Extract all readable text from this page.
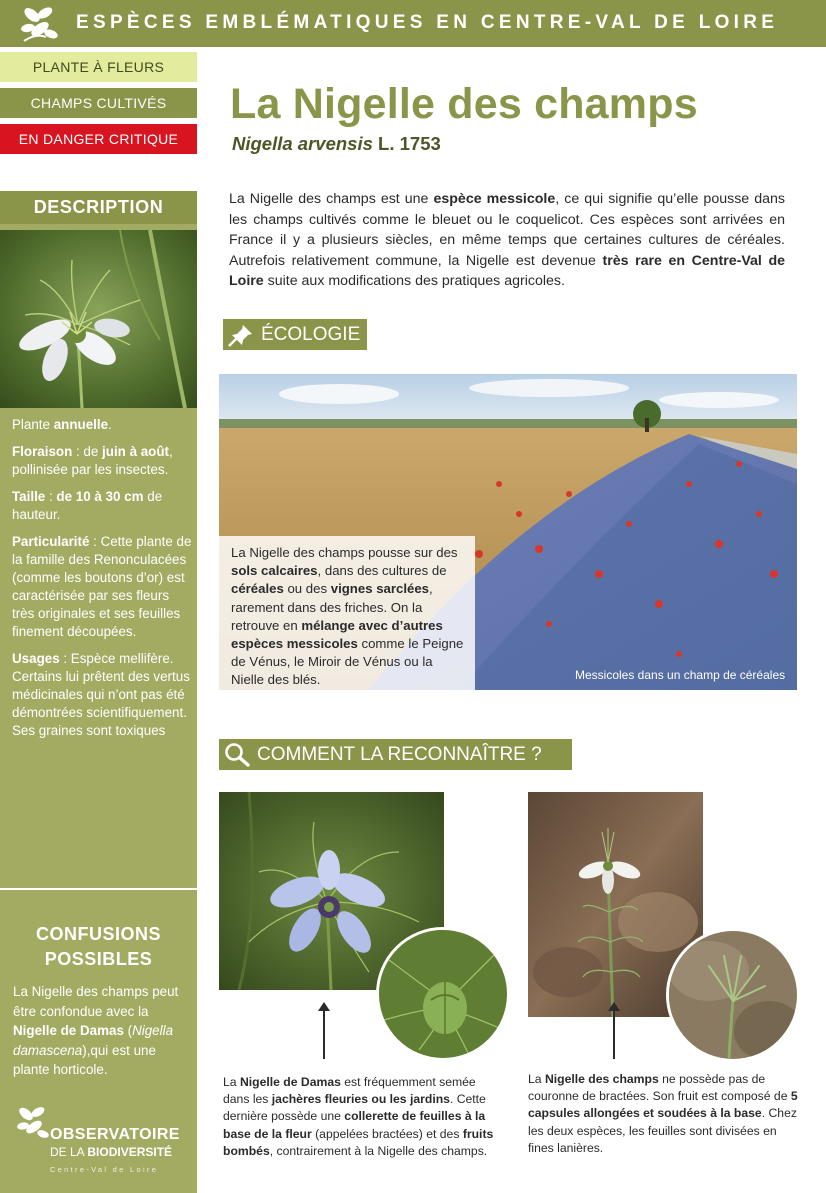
ESPÈCES EMBLÉMATIQUES EN CENTRE-VAL DE LOIRE
PLANTE À FLEURS
CHAMPS CULTIVÉS
EN DANGER CRITIQUE
DESCRIPTION

Plante annuelle.

Floraison : de juin à août, pollinisée par les insectes.

Taille : de 10 à 30 cm de hauteur.

Particularité : Cette plante de la famille des Renonculacées (comme les boutons d’or) est caractérisée par ses fleurs très originales et ses feuilles finement découpées.

Usages : Espèce mellifère. Certains lui prêtent des vertus médicinales qui n’ont pas été démontrées scientifiquement. Ses graines sont toxiques

CONFUSIONS
POSSIBLES
La Nigelle des champs peut être confondue avec la Nigelle de Damas (Nigella damascena),qui est une plante horticole.
OBSERVATOIRE
DE LA BIODIVERSITÉ
Centre-Val de Loire
La Nigelle des champs
Nigella arvensis L. 1753
La Nigelle des champs est une espèce messicole, ce qui signifie qu’elle pousse dans les champs cultivés comme le bleuet ou le coquelicot. Ces espèces sont arrivées en France il y a plusieurs siècles, en même temps que certaines cultures de céréales. Autrefois relativement commune, la Nigelle est devenue très rare en Centre-Val de Loire suite aux modifications des pratiques agricoles.
ÉCOLOGIE
La Nigelle des champs pousse sur des sols calcaires, dans des cultures de céréales ou des vignes sarclées, rarement dans des friches. On la retrouve en mélange avec d’autres espèces messicoles comme le Peigne de Vénus, le Miroir de Vénus ou la Nielle des blés.	Messicoles dans un champ de céréales
COMMENT LA RECONNAÎTRE ?
La Nigelle de Damas est fréquemment semée dans les jachères fleuries ou les jardins. Cette dernière possède une collerette de feuilles à la base de la fleur (appelées bractées) et des fruits bombés, contrairement à la Nigelle des champs.
La Nigelle des champs ne possède pas de couronne de bractées. Son fruit est composé de 5 capsules allongées et soudées à la base. Chez les deux espèces, les feuilles sont divisées en fines lanières.
